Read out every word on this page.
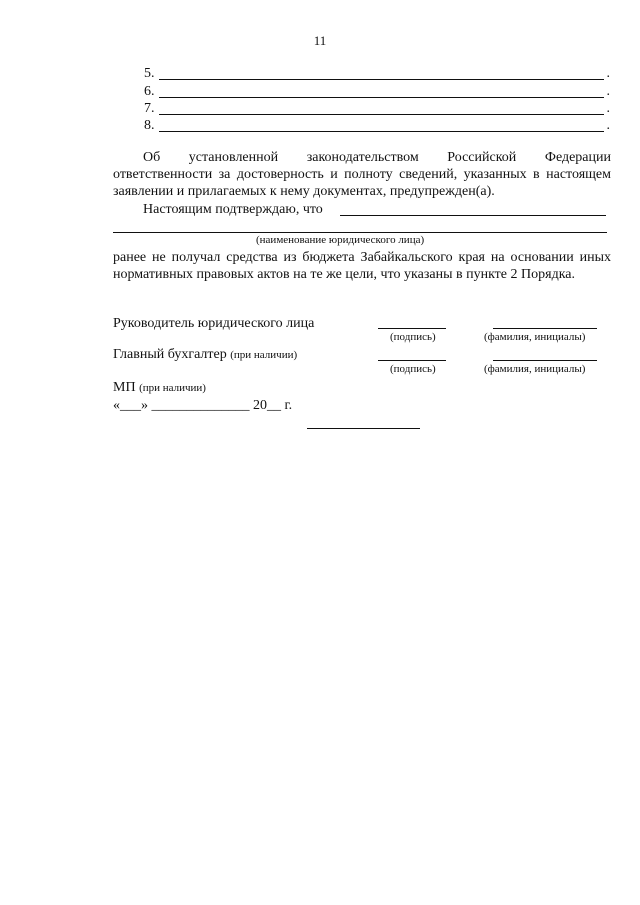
11
5.	.
6.	.
7.	.
8.	.
Об установленной законодательством Российской Федерации ответственности за достоверность и полноту сведений, указанных в настоящем заявлении и прилагаемых к нему документах, предупрежден(а).
Настоящим подтверждаю, что
(наименование юридического лица)
ранее не получал средства из бюджета Забайкальского края на основании иных нормативных правовых актов на те же цели, что указаны в пункте 2 Порядка.
Руководитель юридического лица
(подпись)	(фамилия, инициалы)
Главный бухгалтер (при наличии)
(подпись)	(фамилия, инициалы)
МП (при наличии)
«___» ______________ 20__ г.
